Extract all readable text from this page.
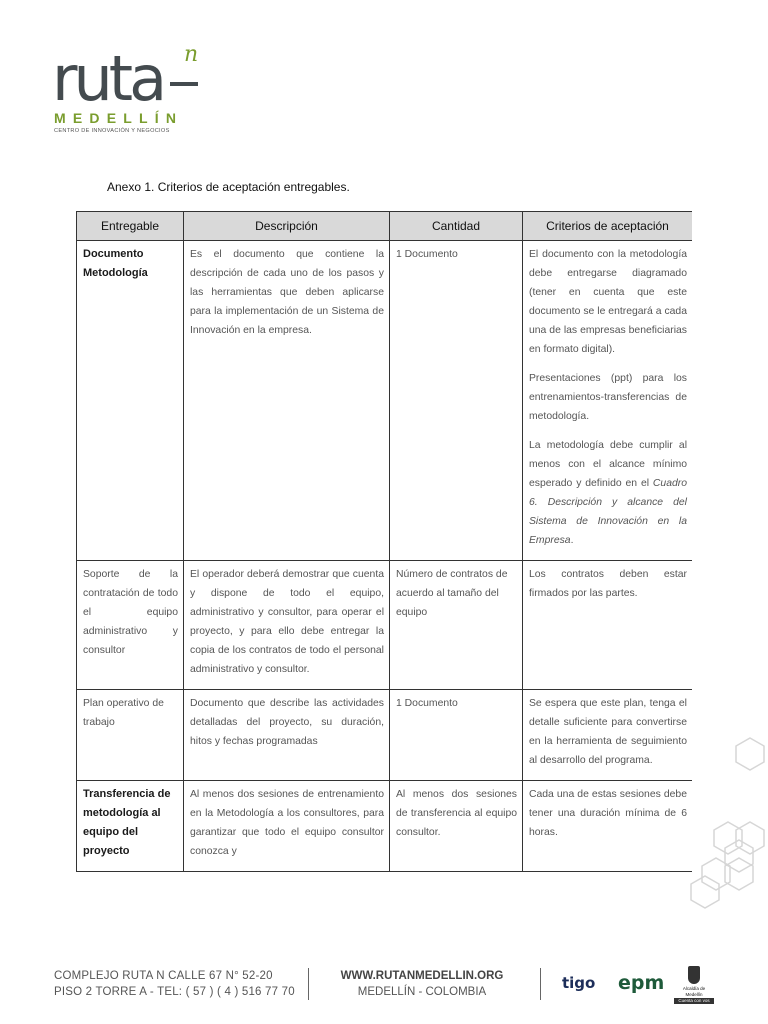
ruta n
MEDELLÍN
CENTRO DE INNOVACIÓN Y NEGOCIOS
Anexo 1. Criterios de aceptación entregables.
Entregable	Descripción	Cantidad	Criterios de aceptación
Documento Metodología	Es el documento que contiene la descripción de cada uno de los pasos y las herramientas que deben aplicarse para la implementación de un Sistema de Innovación en la empresa.	1 Documento	El documento con la metodología debe entregarse diagramado (tener en cuenta que este documento se le entregará a cada una de las empresas beneficiarias en formato digital).

Presentaciones (ppt) para los entrenamientos-transferencias de metodología.

La metodología debe cumplir al menos con el alcance mínimo esperado y definido en el Cuadro 6. Descripción y alcance del Sistema de Innovación en la Empresa.

Soporte de la contratación de todo el equipo administrativo y consultor	El operador deberá demostrar que cuenta y dispone de todo el equipo, administrativo y consultor, para operar el proyecto, y para ello debe entregar la copia de los contratos de todo el personal administrativo y consultor.	Número de contratos de acuerdo al tamaño del equipo	Los contratos deben estar firmados por las partes.

Plan operativo de trabajo	Documento que describe las actividades detalladas del proyecto, su duración, hitos y fechas programadas	1 Documento	Se espera que este plan, tenga el detalle suficiente para convertirse en la herramienta de seguimiento al desarrollo del programa.

Transferencia de metodología al equipo del proyecto	Al menos dos sesiones de entrenamiento en la Metodología a los consultores, para garantizar que todo el equipo consultor conozca y	Al menos dos sesiones de transferencia al equipo consultor.	Cada una de estas sesiones debe tener una duración mínima de 6 horas.

COMPLEJO RUTA N CALLE 67 N° 52-20
PISO 2 TORRE A - TEL: ( 57 ) ( 4 ) 516 77 70
WWW.RUTANMEDELLIN.ORG
MEDELLÍN - COLOMBIA	tigo epm	Alcaldía de Medellín
Cuenta con vos
